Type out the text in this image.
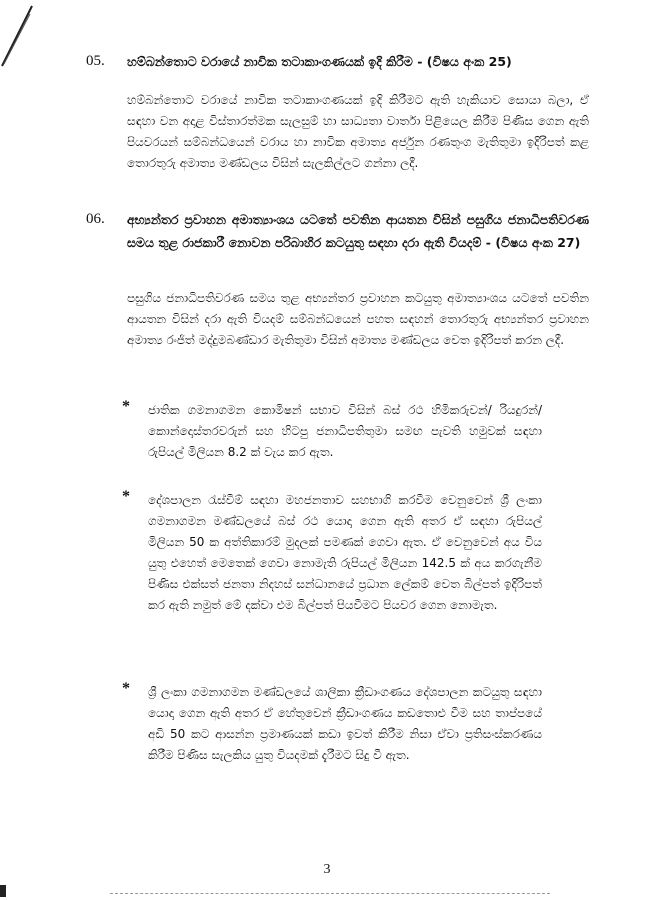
05. හම්බන්තොට වරායේ නාවික තටාකාංගණයක් ඉදි කිරීම - (විෂය අංක 25)
හම්බන්තොට වරායේ නාවික තටාකාංගණයක් ඉදි කිරීමට ඇති හැකියාව සොයා බලා, ඒ සඳහා වන අදාළ විස්තාරත්මක සැලසුම් හා සාධ්‍යතා වාර්තා පිළියෙල කිරීම පිණිස ගෙන ඇති පියවරයන් සම්බන්ධයෙන් වරාය හා නාවික අමාත්‍ය අර්ජුන රණතුංග මැතිතුමා ඉදිරිපත් කළ තොරතුරු අමාත්‍ය මණ්ඩලය විසින් සැලකිල්ලට ගන්නා ලදී.
06. අභ්‍යන්තර ප්‍රවාහන අමාත්‍යාංශය යටතේ පවතින ආයතන විසින් පසුගිය ජනාධිපතිවරණ සමය තුළ රාජකාරී නොවන පරිබාහිර කටයුතු සඳහා දරා ඇති වියදම් - (විෂය අංක 27)
පසුගිය ජනාධිපතිවරණ සමය තුළ අභ්‍යන්තර ප්‍රවාහන කටයුතු අමාත්‍යාංශය යටතේ පවතින ආයතන විසින් දරා ඇති වියදම් සම්බන්ධයෙන් පහත සඳහන් තොරතුරු අභ්‍යන්තර ප්‍රවාහන අමාත්‍ය රංජිත් මද්දුමබණ්ඩාර මැතිතුමා විසින් අමාත්‍ය මණ්ඩලය වෙත ඉදිරිපත් කරන ලදී.
* ජාතික ගමනාගමන කොමිෂන් සභාව විසින් බස් රථ හිමිකරුවන්/ රියදුරන්/කොන්දොස්තරවරුන් සහ හිටපු ජනාධිපතිතුමා සමඟ පැවති හමුවක් සඳහා රුපියල් මිලියන 8.2 ක් වැය කර ඇත.
* දේශපාලන රැස්වීම් සඳහා මහජනතාව සහභාගි කරවීම වෙනුවෙන් ශ්‍රී ලංකා ගමනාගමන මණ්ඩලයේ බස් රථ යොදා ගෙන ඇති අතර ඒ සඳහා රුපියල් මිලියන 50 ක අත්තිකාරම් මුදලක් පමණක් ගෙවා ඇත. ඒ වෙනුවෙන් අය විය යුතු එහෙත් මෙතෙක් ගෙවා නොමැති රුපියල් මිලියන 142.5 ක් අය කරගැනීම පිණිස එක්සත් ජනතා නිදහස් සන්ධානයේ ප්‍රධාන ලේකම් වෙත බිල්පත් ඉදිරිපත් කර ඇති නමුත් මේ දක්වා එම බිල්පත් පියවීමට පියවර ගෙන නොමැත.
* ශ්‍රී ලංකා ගමනාගමන මණ්ඩලයේ ශාලිකා ක්‍රීඩාංගණය දේශපාලන කටයුතු සඳහා යොදා ගෙන ඇති අතර ඒ හේතුවෙන් ක්‍රීඩාංගණය කඩතොළු වීම සහ තාප්පයේ අඩි 50 කට ආසන්න ප්‍රමාණයක් කඩා ඉවත් කිරීම නිසා ඒවා ප්‍රතිසංස්කරණය කිරීම පිණිස සැලකිය යුතු වියදමක් දැරීමට සිදු වී ඇත.
3
